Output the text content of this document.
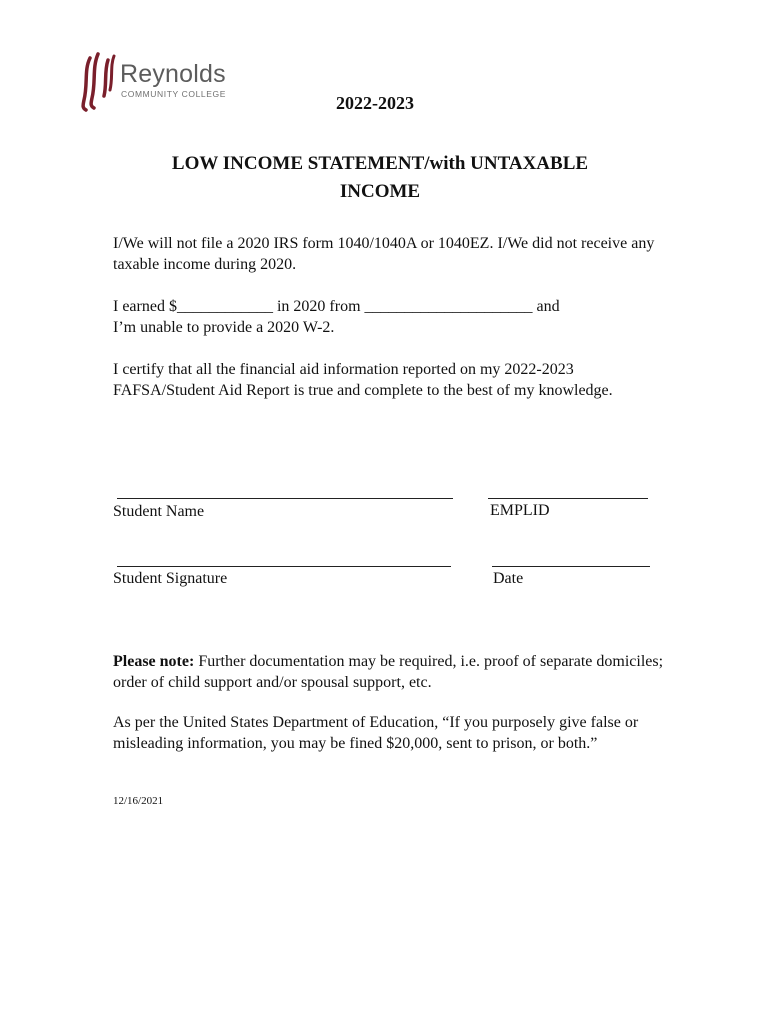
Reynolds
COMMUNITY COLLEGE	2022-2023
LOW INCOME STATEMENT/with UNTAXABLE INCOME

I/We will not file a 2020 IRS form 1040/1040A or 1040EZ. I/We did not receive any taxable income during 2020.

I earned $____________ in 2020 from _____________________ and
I’m unable to provide a 2020 W-2.

I certify that all the financial aid information reported on my 2022-2023 FAFSA/Student Aid Report is true and complete to the best of my knowledge.

Student Name	EMPLID
Student Signature	Date

Please note: Further documentation may be required, i.e. proof of separate domiciles; order of child support and/or spousal support, etc.

As per the United States Department of Education, “If you purposely give false or misleading information, you may be fined $20,000, sent to prison, or both.”

12/16/2021
